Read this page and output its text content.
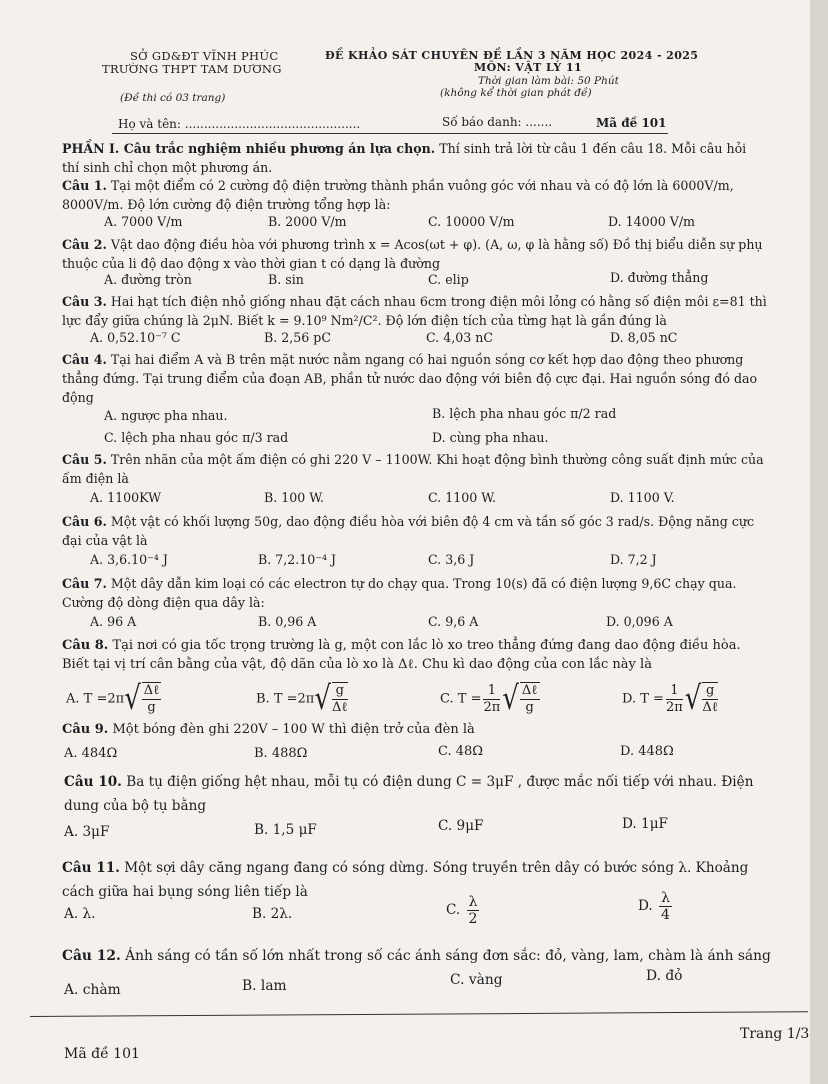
SỞ GD&ĐT VĨNH PHÚC
TRƯỜNG THPT TAM DƯƠNG
(Đề thi có 03 trang)
ĐỀ KHẢO SÁT CHUYÊN ĐỀ LẦN 3 NĂM HỌC 2024 - 2025
MÔN: VẬT LÝ 11
Thời gian làm bài: 50 Phút
(không kể thời gian phát đề)
Họ và tên: ..............................................	Số báo danh: .......	Mã đề 101
PHẦN I. Câu trắc nghiệm nhiều phương án lựa chọn. Thí sinh trả lời từ câu 1 đến câu 18. Mỗi câu hỏi thí sinh chỉ chọn một phương án.
Câu 1. Tại một điểm có 2 cường độ điện trường thành phần vuông góc với nhau và có độ lớn là 6000V/m, 8000V/m. Độ lớn cường độ điện trường tổng hợp là:
A. 7000 V/m	B. 2000 V/m	C. 10000 V/m	D. 14000 V/m
Câu 2. Vật dao động điều hòa với phương trình x = Acos(ωt + φ). (A, ω, φ là hằng số) Đồ thị biểu diễn sự phụ thuộc của li độ dao động x vào thời gian t có dạng là đường
A. đường tròn	B. sin	C. elip	D. đường thẳng
Câu 3. Hai hạt tích điện nhỏ giống nhau đặt cách nhau 6cm trong điện môi lỏng có hằng số điện môi ε=81 thì lực đẩy giữa chúng là 2μN. Biết k = 9.10⁹ Nm²/C². Độ lớn điện tích của từng hạt là gần đúng là
A. 0,52.10⁻⁷ C	B. 2,56 pC	C. 4,03 nC	D. 8,05 nC
Câu 4. Tại hai điểm A và B trên mặt nước nằm ngang có hai nguồn sóng cơ kết hợp dao động theo phương thẳng đứng. Tại trung điểm của đoạn AB, phần tử nước dao động với biên độ cực đại. Hai nguồn sóng đó dao động
A. ngược pha nhau.	B. lệch pha nhau góc π/2 rad
C. lệch pha nhau góc π/3 rad	D. cùng pha nhau.
Câu 5. Trên nhãn của một ấm điện có ghi 220 V – 1100W. Khi hoạt động bình thường công suất định mức của ấm điện là
A. 1100KW	B. 100 W.	C. 1100 W.	D. 1100 V.
Câu 6. Một vật có khối lượng 50g, dao động điều hòa với biên độ 4 cm và tần số góc 3 rad/s. Động năng cực đại của vật là
A. 3,6.10⁻⁴ J	B. 7,2.10⁻⁴ J	C. 3,6 J	D. 7,2 J
Câu 7. Một dây dẫn kim loại có các electron tự do chạy qua. Trong 10(s) đã có điện lượng 9,6C chạy qua. Cường độ dòng điện qua dây là:
A. 96 A	B. 0,96 A	C. 9,6 A	D. 0,096 A
Câu 8. Tại nơi có gia tốc trọng trường là g, một con lắc lò xo treo thẳng đứng đang dao động điều hòa. Biết tại vị trí cân bằng của vật, độ dãn của lò xo là Δℓ. Chu kì dao động của con lắc này là
A. $T =2\pi√ \frac{\text{Δℓ}}{g}$	B. $T =2\pi√ \frac{g}{\text{Δℓ}}$	C. $T = \frac{1}{2\pi}$ √ $\frac{\text{Δℓ}}{g}$	D. $T = \frac{1}{2\pi}$ √ $\frac{g}{\text{Δℓ}}$
Câu 9. Một bóng đèn ghi 220V – 100 W thì điện trở của đèn là
A. 484Ω	B. 488Ω	C. 48Ω	D. 448Ω
Câu 10. Ba tụ điện giống hệt nhau, mỗi tụ có điện dung C = 3μF , được mắc nối tiếp với nhau. Điện dung của bộ tụ bằng
A. 3μF	B. 1,5 μF	C. 9μF	D. 1μF
Câu 11. Một sợi dây căng ngang đang có sóng dừng. Sóng truyền trên dây có bước sóng λ. Khoảng cách giữa hai bụng sóng liên tiếp là
A. λ.	B. 2λ.	C. $\frac{\lambda}{2}$	D. $\frac{\lambda}{4}$
Câu 12. Ánh sáng có tần số lớn nhất trong số các ánh sáng đơn sắc: đỏ, vàng, lam, chàm là ánh sáng
A. chàm	B. lam	C. vàng	D. đỏ
Mã đề 101
Trang 1/3
